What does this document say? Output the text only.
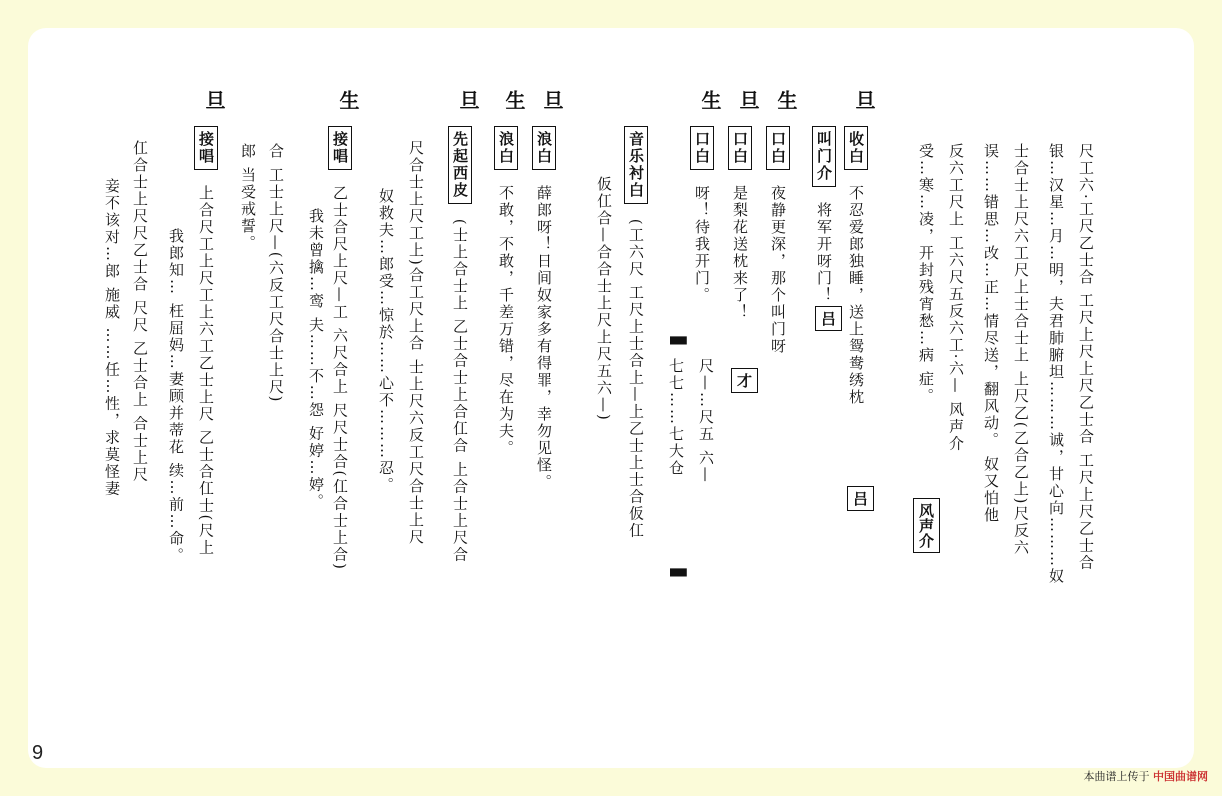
尺工六·工尺乙士合 工尺上尺上尺乙士合 工尺上尺乙士合
银…汉星…月…明，夫君肺腑坦………诚，甘心向………奴
士合士上尺六工尺上士合士上 上尺乙(乙合乙上)尺反六
误……错思…改…正…情尽送，翻风动。 奴又怕他
反六工尺上 工六尺五反六工·六— 风声介
受…寒…凌，开封残宵愁…病 症。
旦
收白 不忍爱郎独睡，送上鸳鸯绣枕
叫门介 将军开呀门！
吕
吕
生
口白 夜静更深，那个叫门呀
旦
口白 是梨花送枕来了！
才
生
口白 呀！待我开门。
▬
尺—…尺五 六—
七七……七大仓
▬
音乐衬白 (工六尺 工尺上士合上—上乙士上士合仮仜
仮仜合—合合士上尺上尺五六—)
旦
浪白 薛郎呀！日间奴家多有得罪，幸勿见怪。
生
浪白 不敢，不敢，千差万错，尽在为夫。
旦
先起西皮 (士上合士上 乙士合士上合仜合 上合士上尺合
尺合士上尺工上)合工尺上合 士上尺六反工尺合士上尺
奴救夫…郎受…惊於……心不………忍。
生
接唱 乙士合尺上尺—工 六尺合上 尺尺士合(仜合士上合)
我未曾擒…鸾 夫……不…怨 好婷…婷。
合 工士上尺—(六反工尺合士上尺)
郎 当受戒誓。
旦
接唱 上合尺工上尺工上六工乙士上尺 乙士合仜士(尺上
我郎知… 枉屈妈…妻顾并蒂花 续…前…命。
仜合士上尺尺乙士合 尺尺 乙士合上 合士上尺
妾不该对…郎 施威 ……任…性，求莫怪妻
风声介
9
本曲谱上传于 中国曲谱网
